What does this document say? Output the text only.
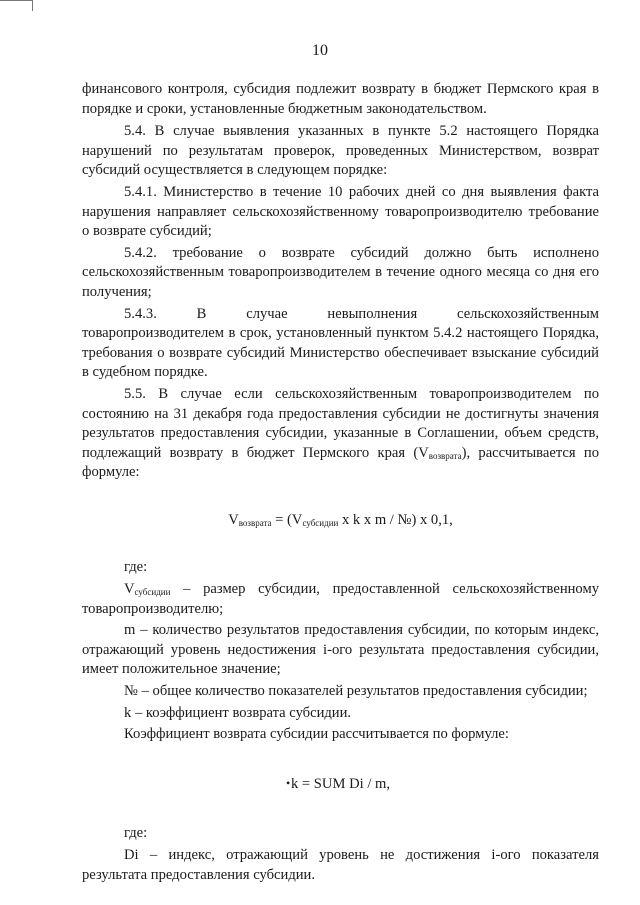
10

финансового контроля, субсидия подлежит возврату в бюджет Пермского края в порядке и сроки, установленные бюджетным законодательством.

5.4. В случае выявления указанных в пункте 5.2 настоящего Порядка нарушений по результатам проверок, проведенных Министерством, возврат субсидий осуществляется в следующем порядке:

5.4.1. Министерство в течение 10 рабочих дней со дня выявления факта нарушения направляет сельскохозяйственному товаропроизводителю требование о возврате субсидий;

5.4.2. требование о возврате субсидий должно быть исполнено сельскохозяйственным товаропроизводителем в течение одного месяца со дня его получения;

5.4.3. В случае невыполнения сельскохозяйственным товаропроизводителем в срок, установленный пунктом 5.4.2 настоящего Порядка, требования о возврате субсидий Министерство обеспечивает взыскание субсидий в судебном порядке.

5.5. В случае если сельскохозяйственным товаропроизводителем по состоянию на 31 декабря года предоставления субсидии не достигнуты значения результатов предоставления субсидии, указанные в Соглашении, объем средств, подлежащий возврату в бюджет Пермского края $(V_{возврата})$, рассчитывается по формуле:

$V_{возврата} = (V_{субсидии}$ x k x m / №) x 0,1,

где:

$V_{субсидии}$ – размер субсидии, предоставленной сельскохозяйственному товаропроизводителю;

m – количество результатов предоставления субсидии, по которым индекс, отражающий уровень недостижения i-ого результата предоставления субсидии, имеет положительное значение;

№ – общее количество показателей результатов предоставления субсидии;

k – коэффициент возврата субсидии.

Коэффициент возврата субсидии рассчитывается по формуле:

• k = SUM Di / m,

где:

Di – индекс, отражающий уровень не достижения i-ого показателя результата предоставления субсидии.
